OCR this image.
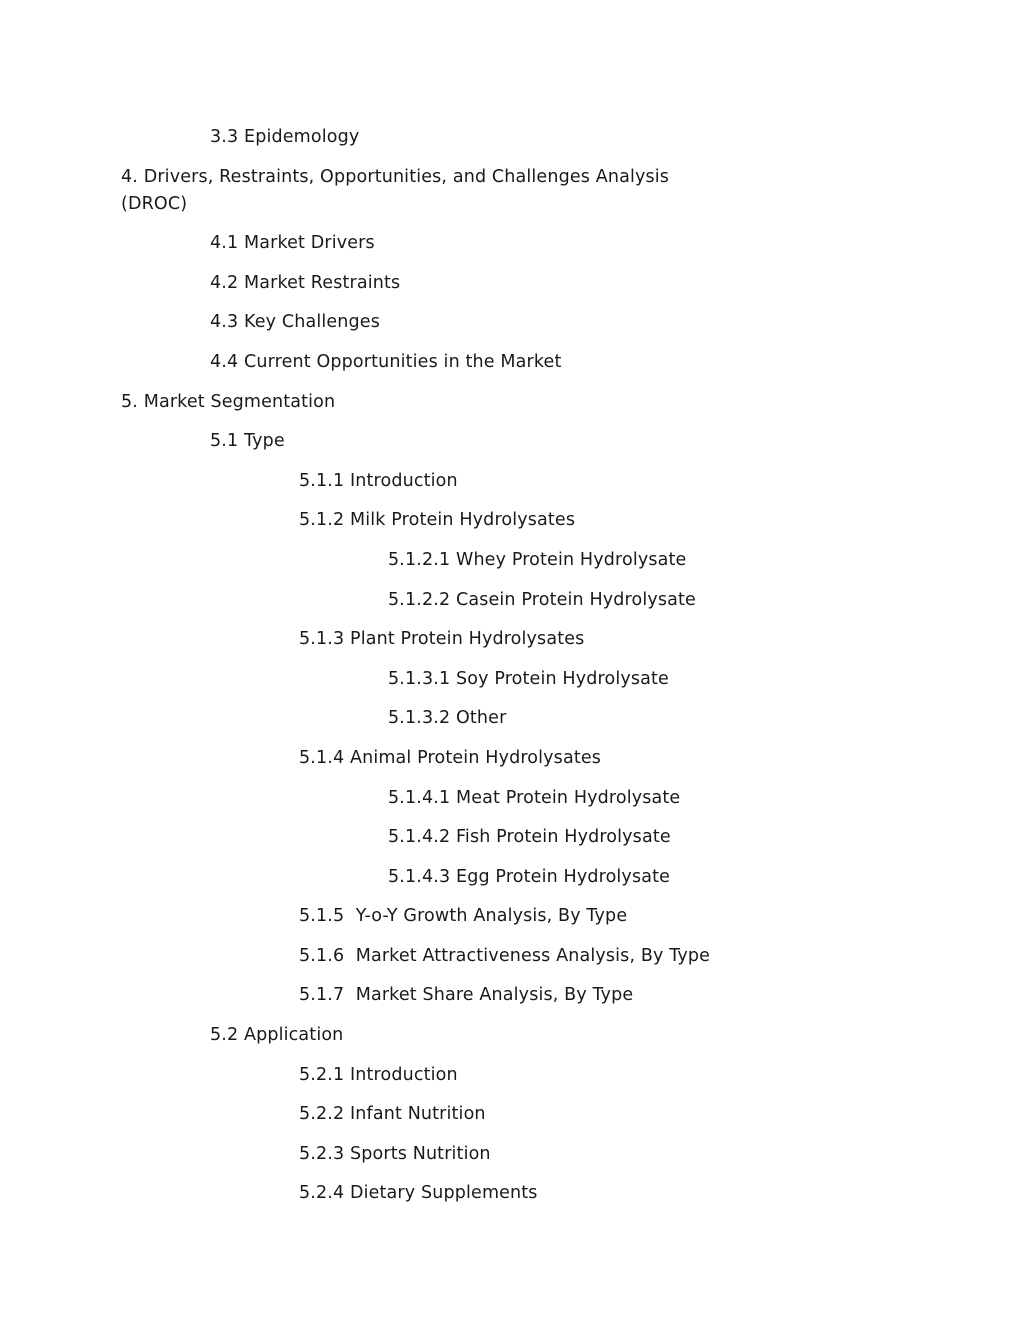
3.3 Epidemology
4. Drivers, Restraints, Opportunities, and Challenges Analysis (DROC)
4.1 Market Drivers
4.2 Market Restraints
4.3 Key Challenges
4.4 Current Opportunities in the Market
5. Market Segmentation
5.1 Type
5.1.1 Introduction
5.1.2 Milk Protein Hydrolysates
5.1.2.1 Whey Protein Hydrolysate
5.1.2.2 Casein Protein Hydrolysate
5.1.3 Plant Protein Hydrolysates
5.1.3.1 Soy Protein Hydrolysate
5.1.3.2 Other
5.1.4 Animal Protein Hydrolysates
5.1.4.1 Meat Protein Hydrolysate
5.1.4.2 Fish Protein Hydrolysate
5.1.4.3 Egg Protein Hydrolysate
5.1.5  Y-o-Y Growth Analysis, By Type
5.1.6  Market Attractiveness Analysis, By Type
5.1.7  Market Share Analysis, By Type
5.2 Application
5.2.1 Introduction
5.2.2 Infant Nutrition
5.2.3 Sports Nutrition
5.2.4 Dietary Supplements
